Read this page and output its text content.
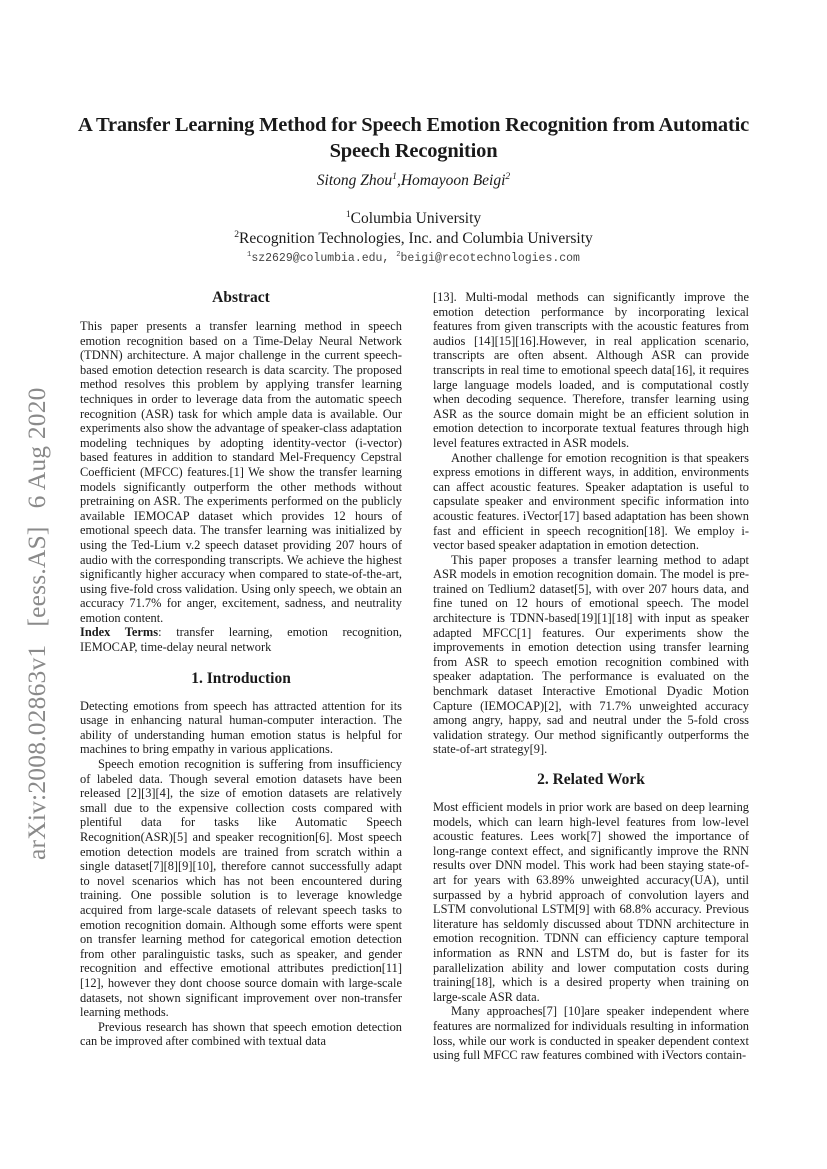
arXiv:2008.02863v1[eess.AS]6 Aug 2020
A Transfer Learning Method for Speech Emotion Recognition from Automatic Speech Recognition
Sitong Zhou$^1$,Homayoon Beigi$^2$
$^1$Columbia University
$^2$Recognition Technologies, Inc. and Columbia University
$^1$sz2629@columbia.edu, $^2$beigi@recotechnologies.com
Abstract

This paper presents a transfer learning method in speech emotion recognition based on a Time-Delay Neural Network (TDNN) architecture. A major challenge in the current speech-based emotion detection research is data scarcity. The proposed method resolves this problem by applying transfer learning techniques in order to leverage data from the automatic speech recognition (ASR) task for which ample data is available. Our experiments also show the advantage of speaker-class adaptation modeling techniques by adopting identity-vector (i-vector) based features in addition to standard Mel-Frequency Cepstral Coefficient (MFCC) features.[1] We show the transfer learning models significantly outperform the other methods without pretraining on ASR. The experiments performed on the publicly available IEMOCAP dataset which provides 12 hours of emotional speech data. The transfer learning was initialized by using the Ted-Lium v.2 speech dataset providing 207 hours of audio with the corresponding transcripts. We achieve the highest significantly higher accuracy when compared to state-of-the-art, using five-fold cross validation. Using only speech, we obtain an accuracy 71.7% for anger, excitement, sadness, and neutrality emotion content.

Index Terms: transfer learning, emotion recognition, IEMOCAP, time-delay neural network

1. Introduction

Detecting emotions from speech has attracted attention for its usage in enhancing natural human-computer interaction. The ability of understanding human emotion status is helpful for machines to bring empathy in various applications.

Speech emotion recognition is suffering from insufficiency of labeled data. Though several emotion datasets have been released [2][3][4], the size of emotion datasets are relatively small due to the expensive collection costs compared with plentiful data for tasks like Automatic Speech Recognition(ASR)[5] and speaker recognition[6]. Most speech emotion detection models are trained from scratch within a single dataset[7][8][9][10], therefore cannot successfully adapt to novel scenarios which has not been encountered during training. One possible solution is to leverage knowledge acquired from large-scale datasets of relevant speech tasks to emotion recognition domain. Although some efforts were spent on transfer learning method for categorical emotion detection from other paralinguistic tasks, such as speaker, and gender recognition and effective emotional attributes prediction[11][12], however they dont choose source domain with large-scale datasets, not shown significant improvement over non-transfer learning methods.

Previous research has shown that speech emotion detection can be improved after combined with textual data

[13]. Multi-modal methods can significantly improve the emotion detection performance by incorporating lexical features from given transcripts with the acoustic features from audios [14][15][16].However, in real application scenario, transcripts are often absent. Although ASR can provide transcripts in real time to emotional speech data[16], it requires large language models loaded, and is computational costly when decoding sequence. Therefore, transfer learning using ASR as the source domain might be an efficient solution in emotion detection to incorporate textual features through high level features extracted in ASR models.

Another challenge for emotion recognition is that speakers express emotions in different ways, in addition, environments can affect acoustic features. Speaker adaptation is useful to capsulate speaker and environment specific information into acoustic features. iVector[17] based adaptation has been shown fast and efficient in speech recognition[18]. We employ i-vector based speaker adaptation in emotion detection.

This paper proposes a transfer learning method to adapt ASR models in emotion recognition domain. The model is pre-trained on Tedlium2 dataset[5], with over 207 hours data, and fine tuned on 12 hours of emotional speech. The model architecture is TDNN-based[19][1][18] with input as speaker adapted MFCC[1] features. Our experiments show the improvements in emotion detection using transfer learning from ASR to speech emotion recognition combined with speaker adaptation. The performance is evaluated on the benchmark dataset Interactive Emotional Dyadic Motion Capture (IEMOCAP)[2], with 71.7% unweighted accuracy among angry, happy, sad and neutral under the 5-fold cross validation strategy. Our method significantly outperforms the state-of-art strategy[9].

2. Related Work

Most efficient models in prior work are based on deep learning models, which can learn high-level features from low-level acoustic features. Lees work[7] showed the importance of long-range context effect, and significantly improve the RNN results over DNN model. This work had been staying state-of-art for years with 63.89% unweighted accuracy(UA), until surpassed by a hybrid approach of convolution layers and LSTM convolutional LSTM[9] with 68.8% accuracy. Previous literature has seldomly discussed about TDNN architecture in emotion recognition. TDNN can efficiency capture temporal information as RNN and LSTM do, but is faster for its parallelization ability and lower computation costs during training[18], which is a desired property when training on large-scale ASR data.

Many approaches[7] [10]are speaker independent where features are normalized for individuals resulting in information loss, while our work is conducted in speaker dependent context using full MFCC raw features combined with iVectors contain-
